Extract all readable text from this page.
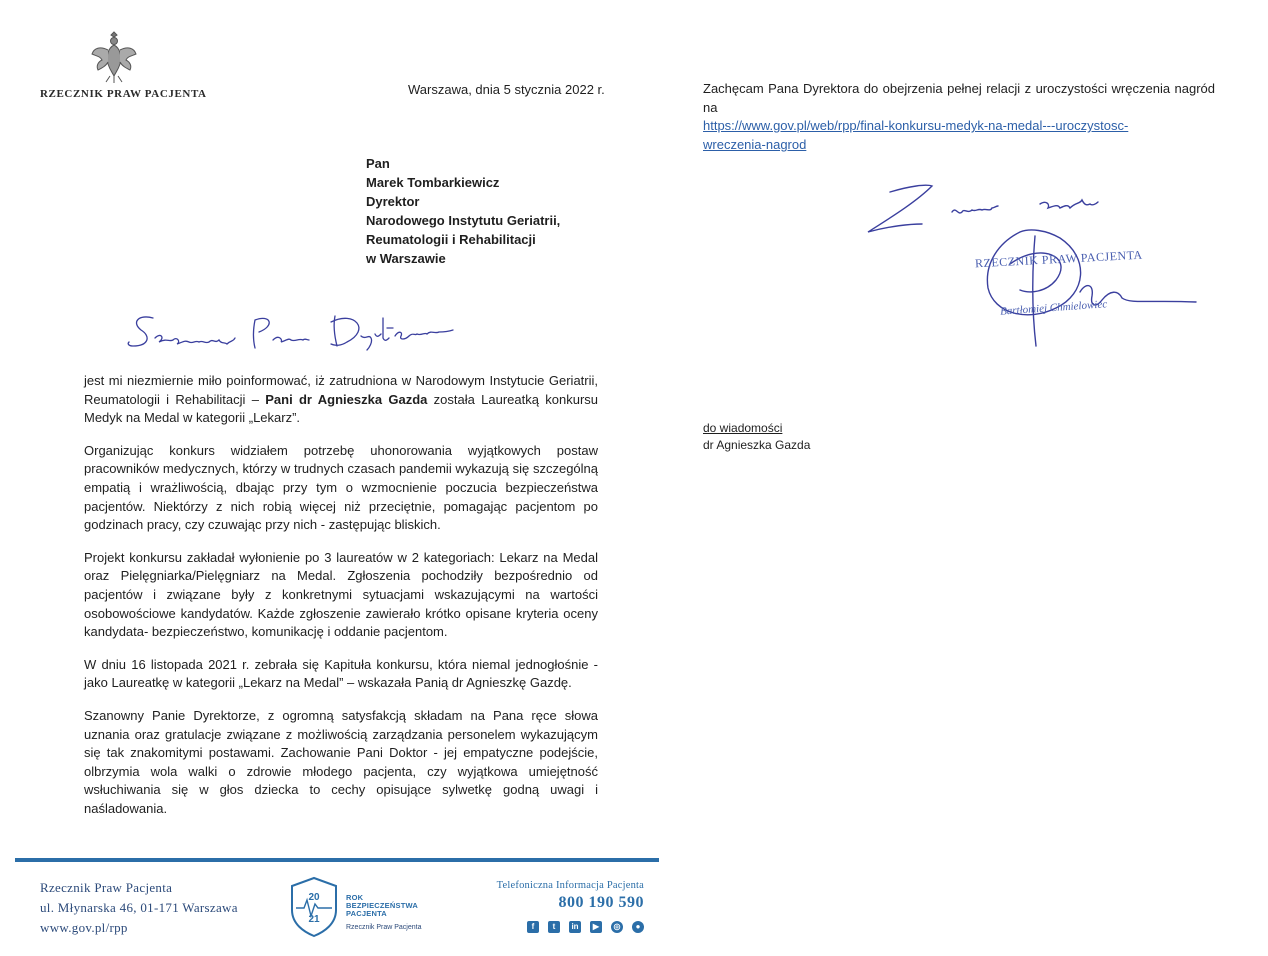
RZECZNIK PRAW PACJENTA	Warszawa, dnia 5 stycznia 2022 r.
Pan
Marek Tombarkiewicz
Dyrektor
Narodowego Instytutu Geriatrii,
Reumatologii i Rehabilitacji
w Warszawie

jest mi niezmiernie miło poinformować, iż zatrudniona w Narodowym Instytucie Geriatrii, Reumatologii i Rehabilitacji – Pani dr Agnieszka Gazda została Laureatką konkursu Medyk na Medal w kategorii „Lekarz”.

Organizując konkurs widziałem potrzebę uhonorowania wyjątkowych postaw pracowników medycznych, którzy w trudnych czasach pandemii wykazują się szczególną empatią i wrażliwością, dbając przy tym o wzmocnienie poczucia bezpieczeństwa pacjentów. Niektórzy z nich robią więcej niż przeciętnie, pomagając pacjentom po godzinach pracy, czy czuwając przy nich - zastępując bliskich.

Projekt konkursu zakładał wyłonienie po 3 laureatów w 2 kategoriach: Lekarz na Medal oraz Pielęgniarka/Pielęgniarz na Medal. Zgłoszenia pochodziły bezpośrednio od pacjentów i związane były z konkretnymi sytuacjami wskazującymi na wartości osobowościowe kandydatów. Każde zgłoszenie zawierało krótko opisane kryteria oceny kandydata- bezpieczeństwo, komunikację i oddanie pacjentom.

W dniu 16 listopada 2021 r. zebrała się Kapituła konkursu, która niemal jednogłośnie - jako Laureatkę w kategorii „Lekarz na Medal” – wskazała Panią dr Agnieszkę Gazdę.

Szanowny Panie Dyrektorze, z ogromną satysfakcją składam na Pana ręce słowa uznania oraz gratulacje związane z możliwością zarządzania personelem wykazującym się tak znakomitymi postawami. Zachowanie Pani Doktor - jej empatyczne podejście, olbrzymia wola walki o zdrowie młodego pacjenta, czy wyjątkowa umiejętność wsłuchiwania się w głos dziecka to cechy opisujące sylwetkę godną uwagi i naśladowania.

Zachęcam Pana Dyrektora do obejrzenia pełnej relacji z uroczystości wręczenia nagród na
https://www.gov.pl/web/rpp/final-konkursu-medyk-na-medal---uroczystosc-
wreczenia-nagrod
RZECZNIK PRAW PACJENTA
Bartłomiej Chmielowiec
do wiadomości
dr Agnieszka Gazda
Rzecznik Praw Pacjenta
ul. Młynarska 46, 01-171 Warszawa
www.gov.pl/rpp
20
21
ROK
BEZPIECZEŃSTWA
PACJENTA
Rzecznik Praw Pacjenta
Telefoniczna Informacja Pacjenta
800 190 590
f	t	in	▶	◎	●
